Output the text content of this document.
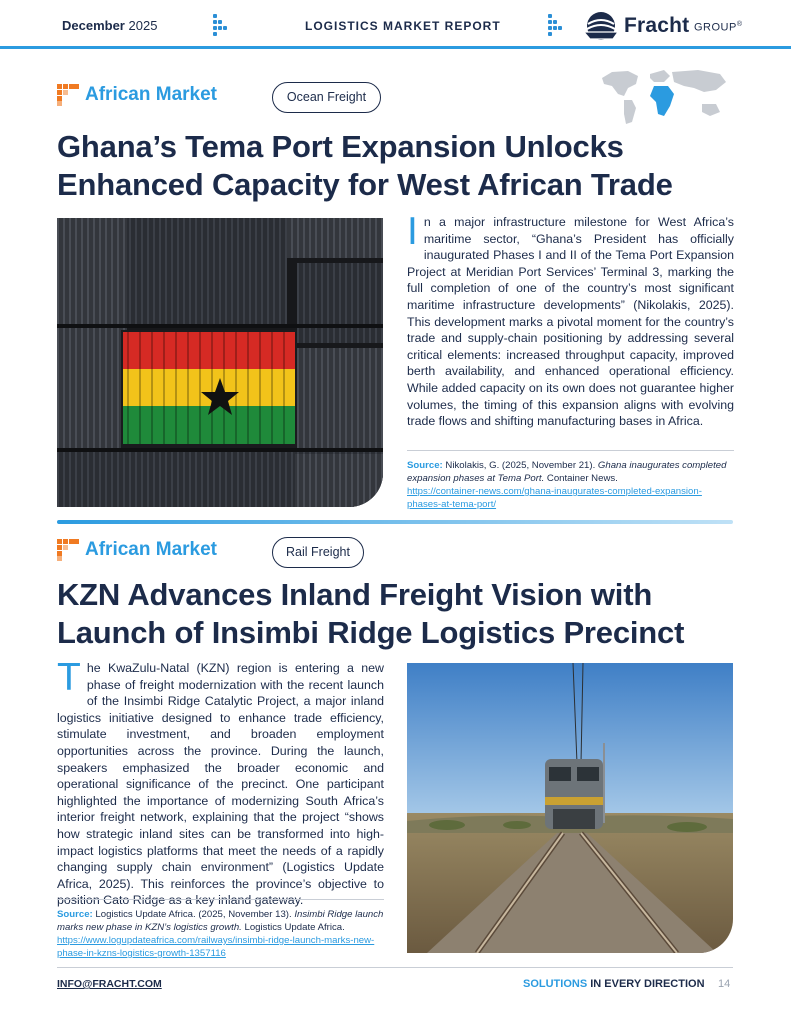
December 2025	LOGISTICS MARKET REPORT	Fracht GROUP®
African Market	Ocean Freight
Ghana’s Tema Port Expansion Unlocks
Enhanced Capacity for West African Trade
In a major infrastructure milestone for West Africa’s maritime sector, “Ghana’s President has officially inaugurated Phases I and II of the Tema Port Expansion Project at Meridian Port Services’ Terminal 3, marking the full completion of one of the country’s most significant maritime infrastructure developments” (Nikolakis, 2025). This development marks a pivotal moment for the country’s trade and supply-chain positioning by addressing several critical elements: increased throughput capacity, improved berth availability, and enhanced operational efficiency. While added capacity on its own does not guarantee higher volumes, the timing of this expansion aligns with evolving trade flows and shifting manufacturing bases in Africa.
Source: Nikolakis, G. (2025, November 21). Ghana inaugurates completed expansion phases at Tema Port. Container News.
https://container-news.com/ghana-inaugurates-completed-expansion-phases-at-tema-port/
African Market	Rail Freight
KZN Advances Inland Freight Vision with
Launch of Insimbi Ridge Logistics Precinct
The KwaZulu-Natal (KZN) region is entering a new phase of freight modernization with the recent launch of the Insimbi Ridge Catalytic Project, a major inland logistics initiative designed to enhance trade efficiency, stimulate investment, and broaden employment opportunities across the province. During the launch, speakers emphasized the broader economic and operational significance of the precinct. One participant highlighted the importance of modernizing South Africa’s interior freight network, explaining that the project “shows how strategic inland sites can be transformed into high-impact logistics platforms that meet the needs of a rapidly changing supply chain environment” (Logistics Update Africa, 2025). This reinforces the province’s objective to position Cato Ridge as a key inland gateway.
Source: Logistics Update Africa. (2025, November 13). Insimbi Ridge launch marks new phase in KZN’s logistics growth. Logistics Update Africa.
https://www.logupdateafrica.com/railways/insimbi-ridge-launch-marks-new-phase-in-kzns-logistics-growth-1357116
INFO@FRACHT.COM	SOLUTIONS IN EVERY DIRECTION 14
